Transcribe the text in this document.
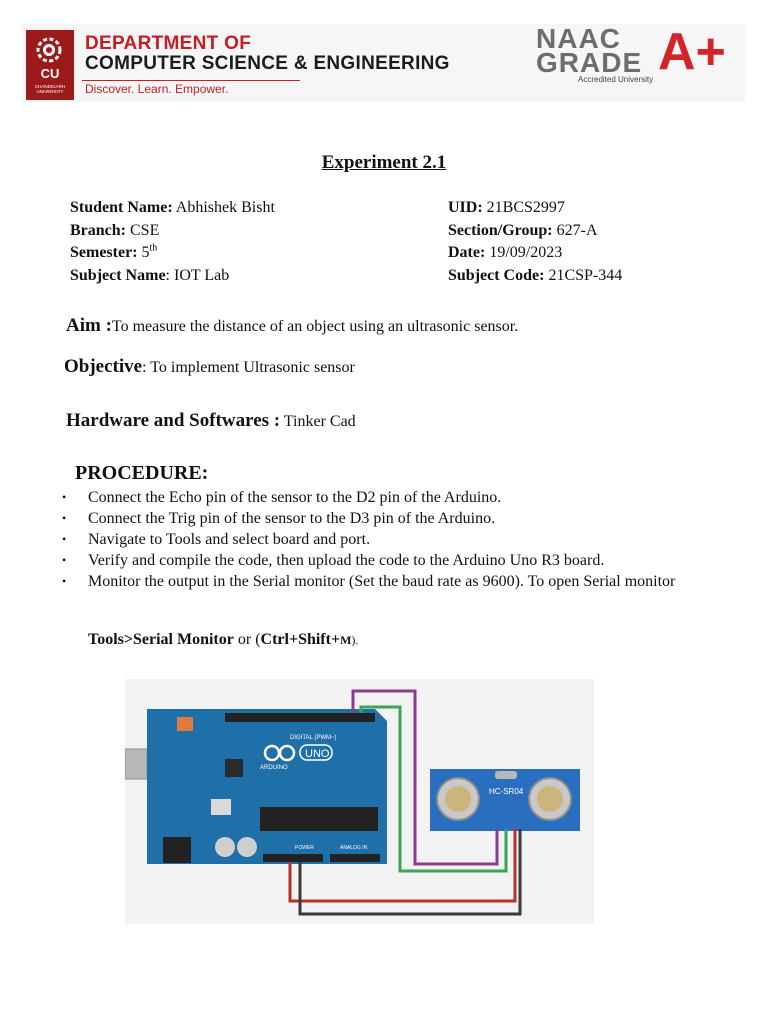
CU
CHANDIGARH UNIVERSITY
DEPARTMENT OF
COMPUTER SCIENCE & ENGINEERING
Discover. Learn. Empower.
NAAC
GRADE A+
Accredited University
Experiment 2.1
Student Name: Abhishek Bisht
Branch: CSE
Semester: 5th
Subject Name: IOT Lab
UID: 21BCS2997
Section/Group: 627-A
Date: 19/09/2023
Subject Code: 21CSP-344
Aim :To measure the distance of an object using an ultrasonic sensor.
Objective: To implement Ultrasonic sensor
Hardware and Softwares : Tinker Cad
PROCEDURE:
• Connect the Echo pin of the sensor to the D2 pin of the Arduino.
• Connect the Trig pin of the sensor to the D3 pin of the Arduino.
• Navigate to Tools and select board and port.
• Verify and compile the code, then upload the code to the Arduino Uno R3 board.
• Monitor the output in the Serial monitor (Set the baud rate as 9600). To open Serial monitor
Tools>Serial Monitor or (Ctrl+Shift+M).
DIGITAL (PWM~)
UNO
ARDUINO
POWER	ANALOG IN
HC-SR04
